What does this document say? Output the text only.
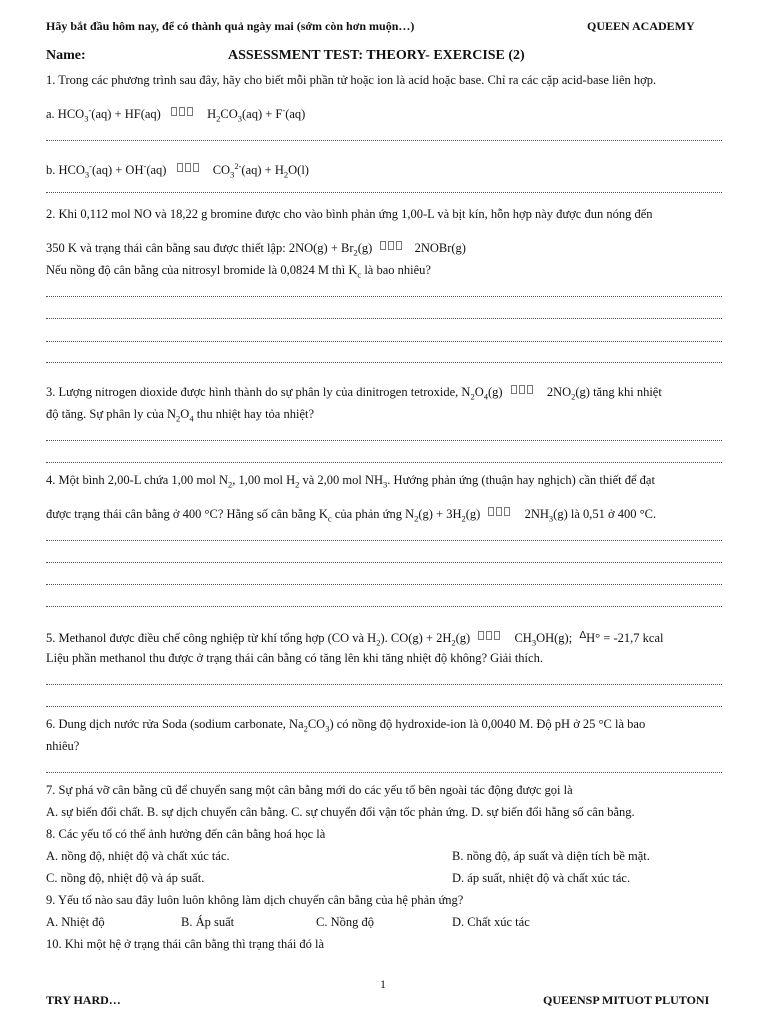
Hãy bắt đầu hôm nay, để có thành quả ngày mai (sớm còn hơn muộn…)	QUEEN ACADEMY
Name:	ASSESSMENT TEST: THEORY- EXERCISE (2)
1. Trong các phương trình sau đây, hãy cho biết mỗi phần tử hoặc ion là acid hoặc base. Chỉ ra các cặp acid-base liên hợp.
a. $HCO_3^-(aq) + HF(aq)$	$H_2CO_3(aq) + F^-(aq)$
b. $HCO_3^-(aq) + OH^-(aq)$	$CO_3^{2-}(aq) + H_2O(l)$
2. Khi 0,112 mol NO và 18,22 g bromine được cho vào bình phản ứng 1,00-L và bịt kín, hỗn hợp này được đun nóng đến
350 K và trạng thái cân bằng sau được thiết lập: $2NO(g) + Br_2(g)$	2NOBr(g)
Nếu nồng độ cân bằng của nitrosyl bromide là 0,0824 M thì $K_c$ là bao nhiêu?
3. Lượng nitrogen dioxide được hình thành do sự phân ly của dinitrogen tetroxide, $N_2O_4(g)$	$2NO_2(g)$ tăng khi nhiệt
độ tăng. Sự phân ly của $N_2O_4$ thu nhiệt hay tỏa nhiệt?
4. Một bình 2,00-L chứa 1,00 mol $N_2$, 1,00 mol $H_2$ và 2,00 mol $NH_3$. Hướng phản ứng (thuận hay nghịch) cần thiết để đạt
được trạng thái cân bằng ở 400 °C? Hằng số cân bằng $K_c$ của phản ứng $N_2(g) + 3H_2(g)$	$2NH_3(g)$ là 0,51 ở 400 °C.
5. Methanol được điều chế công nghiệp từ khí tổng hợp (CO và $H_2$). $CO(g) + 2H_2(g)$	$CH_3OH(g)$; $^\Delta$H° = -21,7 kcal
Liệu phần methanol thu được ở trạng thái cân bằng có tăng lên khi tăng nhiệt độ không? Giải thích.
6. Dung dịch nước rửa Soda (sodium carbonate, $Na_2CO_3$) có nồng độ hydroxide-ion là 0,0040 M. Độ pH ở 25 °C là bao
nhiêu?
7. Sự phá vỡ cân bằng cũ để chuyển sang một cân bằng mới do các yếu tố bên ngoài tác động được gọi là
A. sự biến đổi chất. B. sự dịch chuyển cân bằng. C. sự chuyển đổi vận tốc phản ứng. D. sự biến đổi hằng số cân bằng.
8. Các yếu tố có thể ảnh hưởng đến cân bằng hoá học là
A. nồng độ, nhiệt độ và chất xúc tác.	B. nồng độ, áp suất và diện tích bề mặt.
C. nồng độ, nhiệt độ và áp suất.	D. áp suất, nhiệt độ và chất xúc tác.
9. Yếu tố nào sau đây luôn luôn không làm dịch chuyển cân bằng của hệ phản ứng?
A. Nhiệt độ	B. Áp suất	C. Nồng độ	D. Chất xúc tác
10. Khi một hệ ở trạng thái cân bằng thì trạng thái đó là
1
TRY HARD…	QUEENSP MITUOT PLUTONI
